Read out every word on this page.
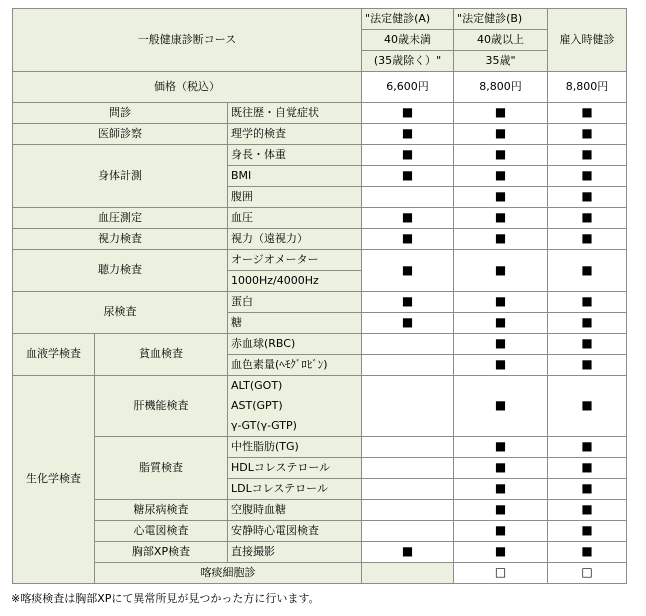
一般健康診断コース			"法定健診(A)	"法定健診(B)	雇入時健診	
			40歳未満	40歳以上		
			(35歳除く）"	35歳"		
価格（税込）			6,600円	8,800円	8,800円	
問診		既往歴・自覚症状	■	■	■	
医師診察		理学的検査	■	■	■	
身体計測		身長・体重	■	■	■	
		BMI	■	■	■	
		腹囲		■	■	
血圧測定		血圧	■	■	■	
視力検査		視力（遠視力）	■	■	■	
聴力検査		オージオメーター	■	■	■	
		1000Hz/4000Hz				
尿検査		蛋白	■	■	■	
		糖	■	■	■	
血液学検査	貧血検査	赤血球(RBC)		■	■	
		血色素量(ﾍﾓｸﾞﾛﾋﾞﾝ)		■	■	
生化学検査	肝機能検査	ALT(GOT)		■	■	
		AST(GPT)				
		γ-GT(γ-GTP)				
	脂質検査	中性脂肪(TG)		■	■	
		HDLコレステロール		■	■	
		LDLコレステロール		■	■	
	糖尿病検査	空腹時血糖		■	■	
	心電図検査	安静時心電図検査		■	■	
	胸部XP検査	直接撮影	■	■	■	
	喀痰細胞診			□	□	
※喀痰検査は胸部XPにて異常所見が見つかった方に行います。
